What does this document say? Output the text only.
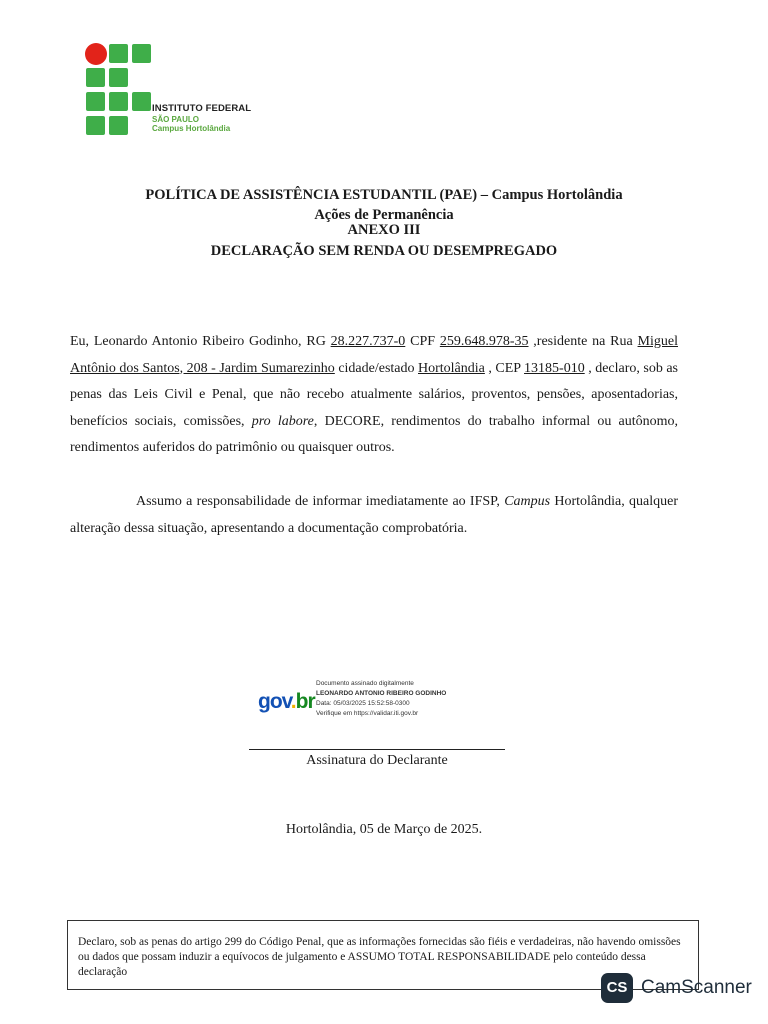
INSTITUTO FEDERAL
SÃO PAULO
Campus Hortolândia
POLÍTICA DE ASSISTÊNCIA ESTUDANTIL (PAE) – Campus Hortolândia
Ações de Permanência
ANEXO III
DECLARAÇÃO SEM RENDA OU DESEMPREGADO
Eu, Leonardo Antonio Ribeiro Godinho, RG 28.227.737-0 CPF 259.648.978-35 ,residente na Rua Miguel Antônio dos Santos, 208 - Jardim Sumarezinho cidade/estado Hortolândia , CEP 13185-010 , declaro, sob as penas das Leis Civil e Penal, que não recebo atualmente salários, proventos, pensões, aposentadorias, benefícios sociais, comissões, pro labore, DECORE, rendimentos do trabalho informal ou autônomo, rendimentos auferidos do patrimônio ou quaisquer outros.
Assumo a responsabilidade de informar imediatamente ao IFSP, Campus Hortolândia, qualquer alteração dessa situação, apresentando a documentação comprobatória.
gov.br
Documento assinado digitalmente
LEONARDO ANTONIO RIBEIRO GODINHO
Data: 05/03/2025 15:52:58-0300
Verifique em https://validar.iti.gov.br
Assinatura do Declarante
Hortolândia, 05 de Março de 2025.
Declaro, sob as penas do artigo 299 do Código Penal, que as informações fornecidas são fiéis e verdadeiras, não havendo omissões ou dados que possam induzir a equívocos de julgamento e ASSUMO TOTAL RESPONSABILIDADE pelo conteúdo dessa declaração
CS CamScanner
